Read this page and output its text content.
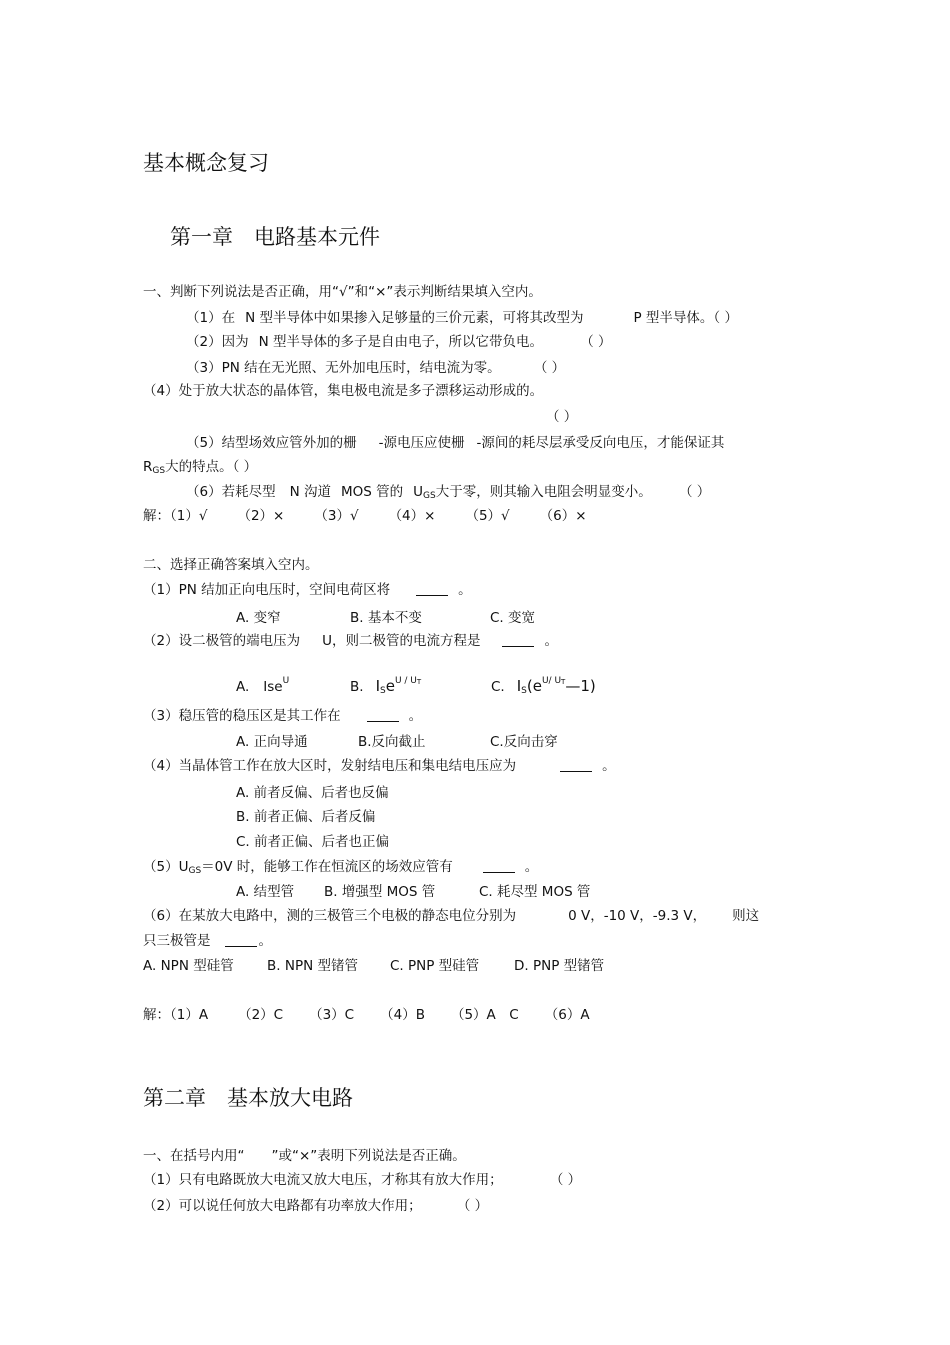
基本概念复习
第一章　电路基本元件
一、判断下列说法是否正确，用“√”和“×”表示判断结果填入空内。
（1）在 N 型半导体中如果掺入足够量的三价元素，可将其改型为	P 型半导体。（ ）
（2）因为 N 型半导体的多子是自由电子，所以它带负电。	（ ）
（3）PN 结在无光照、无外加电压时，结电流为零。	（ ）
（4）处于放大状态的晶体管，集电极电流是多子漂移运动形成的。
（ ）
（5）结型场效应管外加的栅 -源电压应使栅 -源间的耗尽层承受反向电压，才能保证其
$R_{GS}$大的特点。（ ）
（6）若耗尽型 N 沟道 MOS 管的 $U_{GS}$大于零，则其输入电阻会明显变小。	（ ）
解：（1）√ （2）× （3）√ （4）× （5）√ （6）×
二、选择正确答案填入空内。
（1）PN 结加正向电压时，空间电荷区将	。
A. 变窄	B. 基本不变	C. 变宽
（2）设二极管的端电压为 U，则二极管的电流方程是	。
A. Ise$^U$	B. $I_Se^{U / UT}$	C. $I_S(e^{U/ UT}—1)$
（3）稳压管的稳压区是其工作在	。
A. 正向导通	B.反向截止	C.反向击穿
（4）当晶体管工作在放大区时，发射结电压和集电结电压应为	。
A. 前者反偏、后者也反偏
B. 前者正偏、后者反偏
C. 前者正偏、后者也正偏
$(5)U_{GS}=0V$ 时，能够工作在恒流区的场效应管有	。
A. 结型管 B. 增强型 MOS 管	C. 耗尽型 MOS 管
（6）在某放大电路中，测的三极管三个电极的静态电位分别为	0 V，-10 V，-9.3 V， 则这
只三极管是	。
A. NPN 型硅管 B. NPN 型锗管 C. PNP 型硅管	D. PNP 型锗管
解：（1）A （2）C （3）C （4）B （5）A　C （6）A
第二章　基本放大电路
一、在括号内用“　　”或“×”表明下列说法是否正确。
（1）只有电路既放大电流又放大电压，才称其有放大作用；	（ ）
（2）可以说任何放大电路都有功率放大作用；	（ ）
